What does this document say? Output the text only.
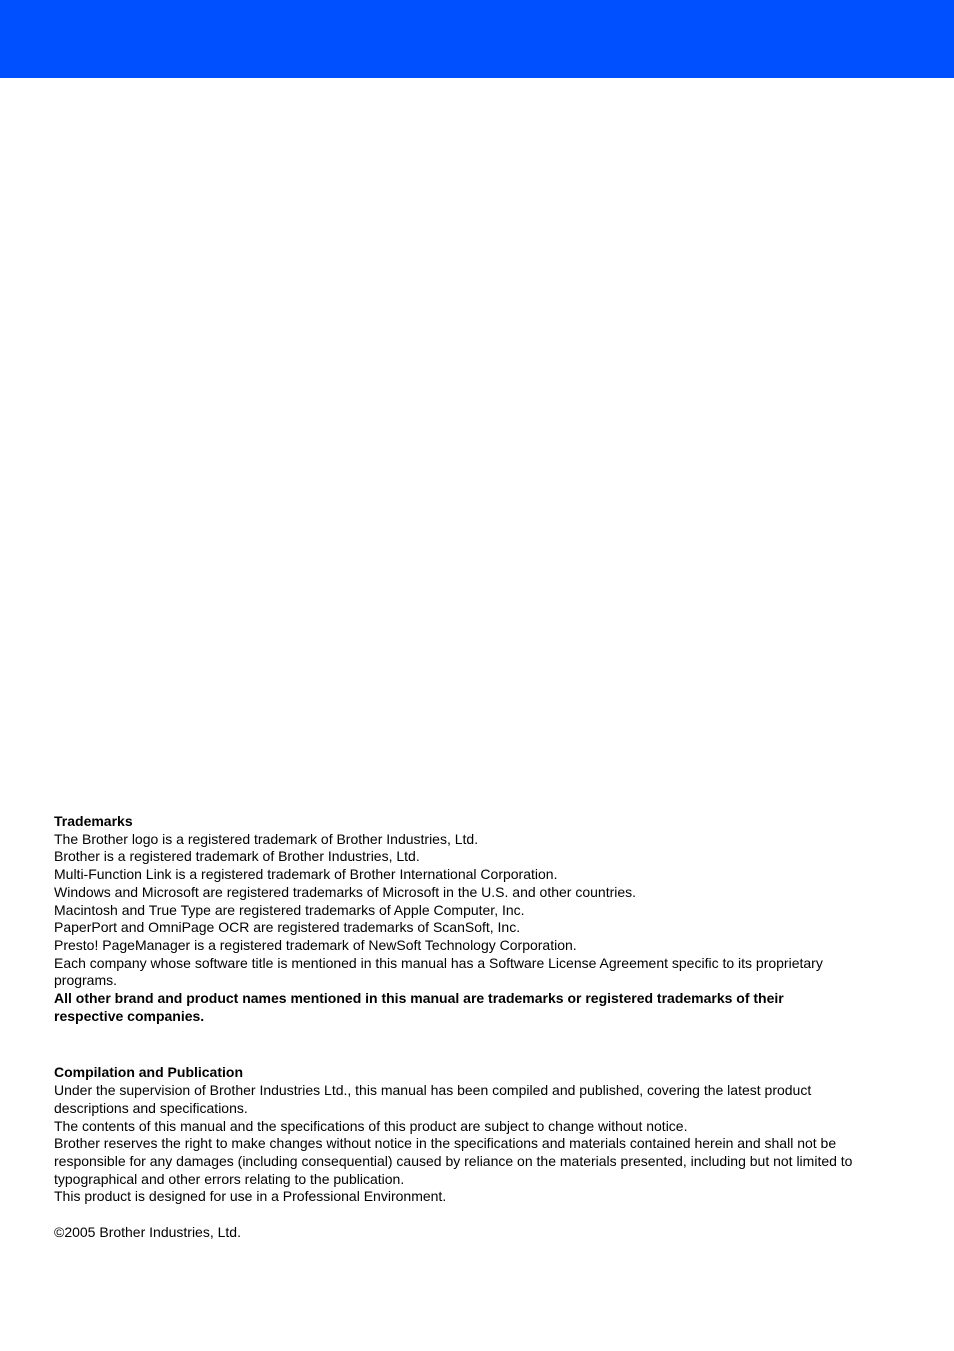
Trademarks

The Brother logo is a registered trademark of Brother Industries, Ltd.

Brother is a registered trademark of Brother Industries, Ltd.

Multi-Function Link is a registered trademark of Brother International Corporation.

Windows and Microsoft are registered trademarks of Microsoft in the U.S. and other countries.

Macintosh and True Type are registered trademarks of Apple Computer, Inc.

PaperPort and OmniPage OCR are registered trademarks of ScanSoft, Inc.

Presto! PageManager is a registered trademark of NewSoft Technology Corporation.

Each company whose software title is mentioned in this manual has a Software License Agreement specific to its proprietary programs.

All other brand and product names mentioned in this manual are trademarks or registered trademarks of their respective companies.

Compilation and Publication

Under the supervision of Brother Industries Ltd., this manual has been compiled and published, covering the latest product descriptions and specifications.

The contents of this manual and the specifications of this product are subject to change without notice.

Brother reserves the right to make changes without notice in the specifications and materials contained herein and shall not be responsible for any damages (including consequential) caused by reliance on the materials presented, including but not limited to typographical and other errors relating to the publication.

This product is designed for use in a Professional Environment.

©2005 Brother Industries, Ltd.
